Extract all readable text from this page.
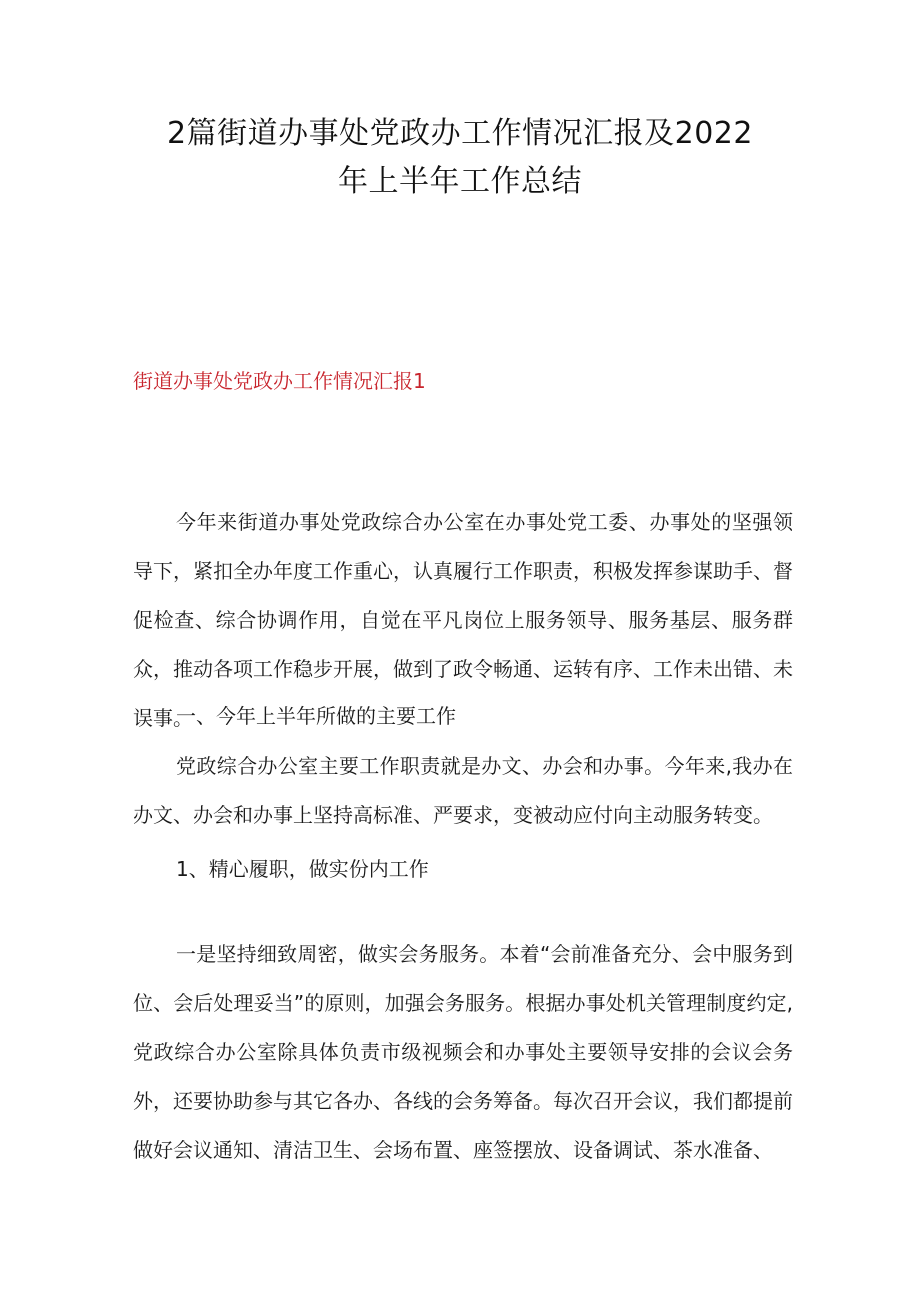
2篇街道办事处党政办工作情况汇报及2022
年上半年工作总结
街道办事处党政办工作情况汇报1
今年来街道办事处党政综合办公室在办事处党工委、办事处的坚强领导下，紧扣全办年度工作重心，认真履行工作职责，积极发挥参谋助手、督促检查、综合协调作用，自觉在平凡岗位上服务领导、服务基层、服务群众，推动各项工作稳步开展，做到了政令畅通、运转有序、工作未出错、未误事。
一、今年上半年所做的主要工作
党政综合办公室主要工作职责就是办文、办会和办事。今年来,我办在办文、办会和办事上坚持高标准、严要求，变被动应付向主动服务转变。
1、精心履职，做实份内工作
一是坚持细致周密，做实会务服务。本着“会前准备充分、会中服务到位、会后处理妥当”的原则，加强会务服务。根据办事处机关管理制度约定,党政综合办公室除具体负责市级视频会和办事处主要领导安排的会议会务外，还要协助参与其它各办、各线的会务筹备。每次召开会议，我们都提前做好会议通知、清洁卫生、会场布置、座签摆放、设备调试、茶水准备、
